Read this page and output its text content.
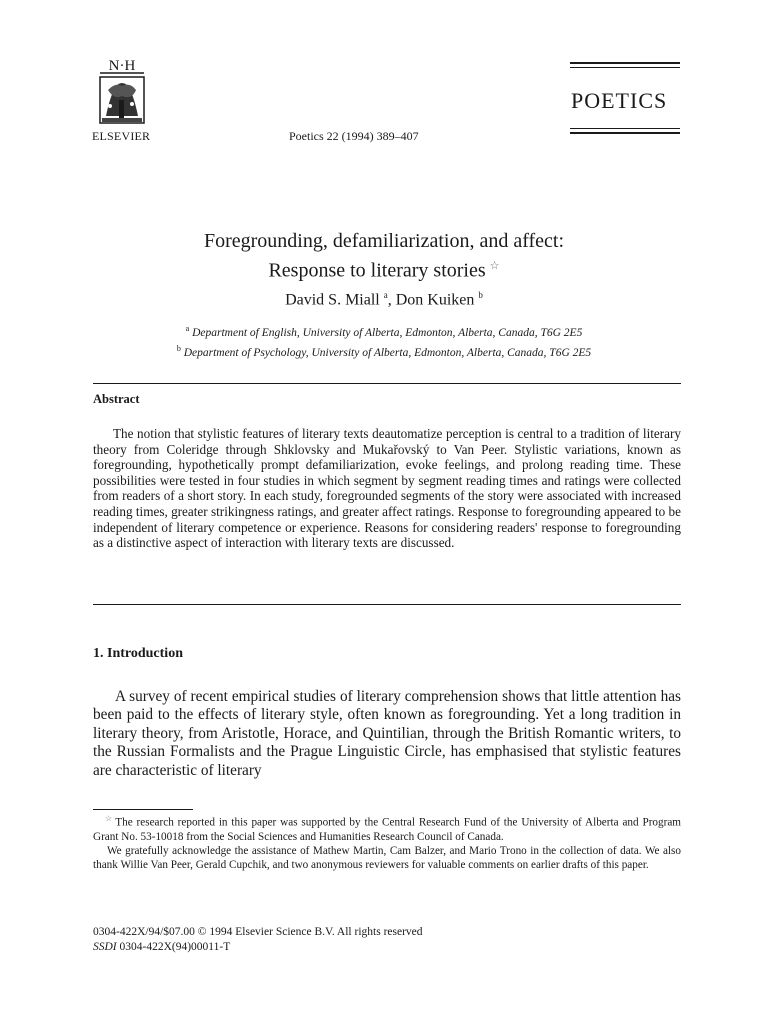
N·H
ELSEVIER	Poetics 22 (1994) 389–407
POETICS
Foregrounding, defamiliarization, and affect:
Response to literary stories ☆
David S. Miall $^a$, Don Kuiken $^b$
$^a$ Department of English, University of Alberta, Edmonton, Alberta, Canada, T6G 2E5
$^b$ Department of Psychology, University of Alberta, Edmonton, Alberta, Canada, T6G 2E5
Abstract
The notion that stylistic features of literary texts deautomatize perception is central to a tradition of literary theory from Coleridge through Shklovsky and Mukařovský to Van Peer. Stylistic variations, known as foregrounding, hypothetically prompt defamiliarization, evoke feelings, and prolong reading time. These possibilities were tested in four studies in which segment by segment reading times and ratings were collected from readers of a short story. In each study, foregrounded segments of the story were associated with increased reading times, greater strikingness ratings, and greater affect ratings. Response to foregrounding appeared to be independent of literary competence or experience. Reasons for considering readers' response to foregrounding as a distinctive aspect of interaction with literary texts are discussed.
1. Introduction
A survey of recent empirical studies of literary comprehension shows that little attention has been paid to the effects of literary style, often known as foregrounding. Yet a long tradition in literary theory, from Aristotle, Horace, and Quintilian, through the British Romantic writers, to the Russian Formalists and the Prague Linguistic Circle, has emphasised that stylistic features are characteristic of literary

☆ The research reported in this paper was supported by the Central Research Fund of the University of Alberta and Program Grant No. 53-10018 from the Social Sciences and Humanities Research Council of Canada.

We gratefully acknowledge the assistance of Mathew Martin, Cam Balzer, and Mario Trono in the collection of data. We also thank Willie Van Peer, Gerald Cupchik, and two anonymous reviewers for valuable comments on earlier drafts of this paper.

0304-422X/94/$07.00 © 1994 Elsevier Science B.V. All rights reserved
SSDI 0304-422X(94)00011-T
